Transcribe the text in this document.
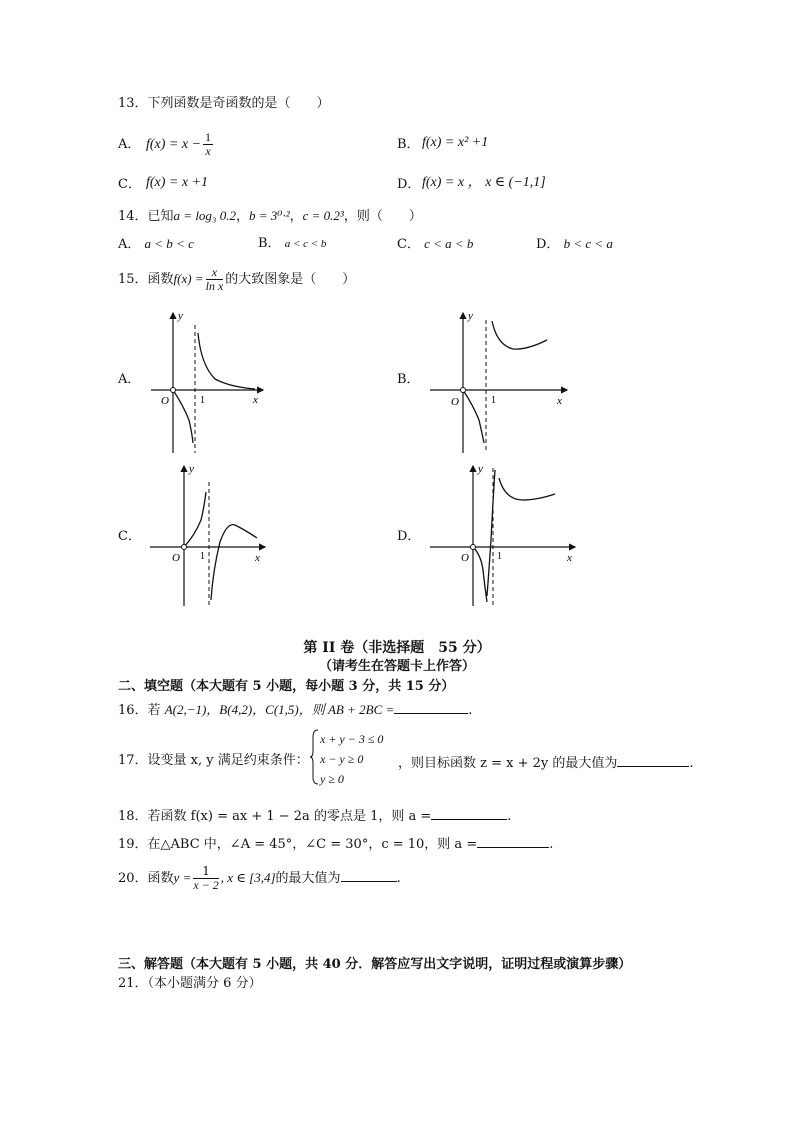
13．下列函数是奇函数的是（　　）
A． $f(x) = x - \frac{1}{x}$	B． f(x) = x² +1
C． f(x) = x +1	D． f(x) = x ， x ∈ (−1,1]
14．已知a = log₃ 0.2，b = 3⁰·²，c = 0.2³，则（　　）
A． a < b < c	B． a < c < b	C． c < a < b	D． b < c < a
15．函数$f(x) = \frac{x}{\text{ln x}}$ 的大致图象是（　　）
A．	B．
C．	D．
y
x
O	1
y
x
O	1
y
x
O 1
y
x
O	1
第 II 卷（非选择题　55 分）
（请考生在答题卡上作答）
二、填空题（本大题有 5 小题，每小题 3 分，共 15 分）
16．若 A(2,−1)，B(4,2)，C(1,5)，则 AB + 2BC =	.
17．设变量 x, y 满足约束条件：
x + y − 3 ≤ 0
x − y ≥ 0
y ≥ 0
，则目标函数 z = x + 2y 的最大值为	.
18．若函数 f(x) = ax + 1 − 2a 的零点是 1，则 a =	.
19．在△ABC 中，∠A = 45°，∠C = 30°，c = 10，则 a =	.
20．函数$y = \frac{1}{x - 2}$ , x ∈ [3,4]的最大值为	.
三、解答题（本大题有 5 小题，共 40 分．解答应写出文字说明，证明过程或演算步骤）
21．（本小题满分 6 分）
